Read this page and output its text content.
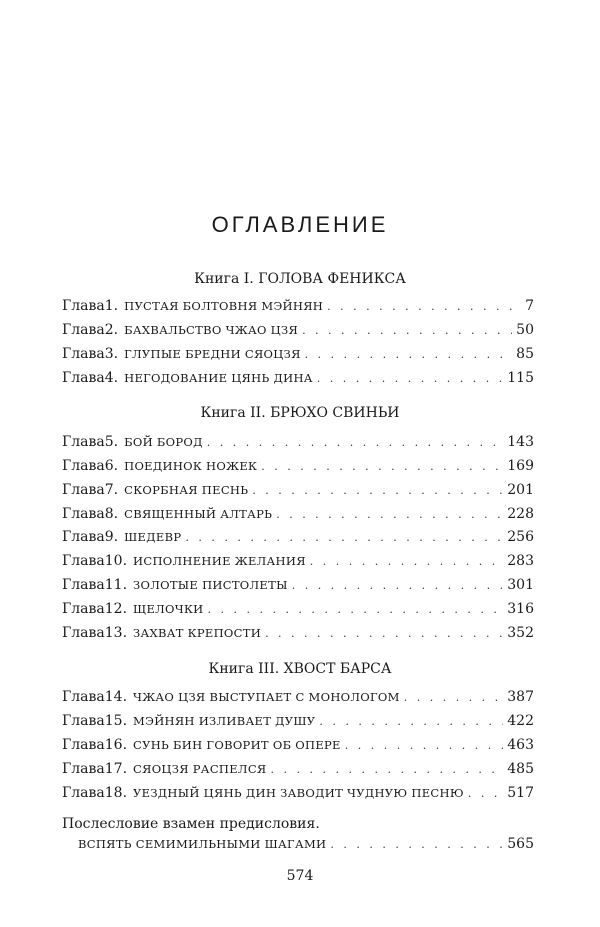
ОГЛАВЛЕНИЕ
Книга I. ГОЛОВА ФЕНИКСА
Глава 1. ПУСТАЯ БОЛТОВНЯ МЭЙНЯН . . .	7
Глава 2. БАХВАЛЬСТВО ЧЖАО ЦЗЯ . . .	50
Глава 3. ГЛУПЫЕ БРЕДНИ СЯОЦЗЯ . . .	85
Глава 4. НЕГОДОВАНИЕ ЦЯНЬ ДИНА . . .	115
Книга II. БРЮХО СВИНЬИ
Глава 5. БОЙ БОРОД . . .	143
Глава 6. ПОЕДИНОК НОЖЕК . . .	169
Глава 7. СКОРБНАЯ ПЕСНЬ . . .	201
Глава 8. СВЯЩЕННЫЙ АЛТАРЬ . . .	228
Глава 9. ШЕДЕВР . . .	256
Глава 10. ИСПОЛНЕНИЕ ЖЕЛАНИЯ . . .	283
Глава 11. ЗОЛОТЫЕ ПИСТОЛЕТЫ . . .	301
Глава 12. ЩЕЛОЧКИ . . .	316
Глава 13. ЗАХВАТ КРЕПОСТИ . . .	352
Книга III. ХВОСТ БАРСА
Глава 14. ЧЖАО ЦЗЯ ВЫСТУПАЕТ С МОНОЛОГОМ . . .	387
Глава 15. МЭЙНЯН ИЗЛИВАЕТ ДУШУ . . .	422
Глава 16. СУНЬ БИН ГОВОРИТ ОБ ОПЕРЕ . . .	463
Глава 17. СЯОЦЗЯ РАСПЕЛСЯ . . .	485
Глава 18. УЕЗДНЫЙ ЦЯНЬ ДИН ЗАВОДИТ ЧУДНУЮ ПЕСНЮ . . .	517
Послесловие взамен предисловия.
ВСПЯТЬ СЕМИМИЛЬНЫМИ ШАГАМИ . . .	565
574
